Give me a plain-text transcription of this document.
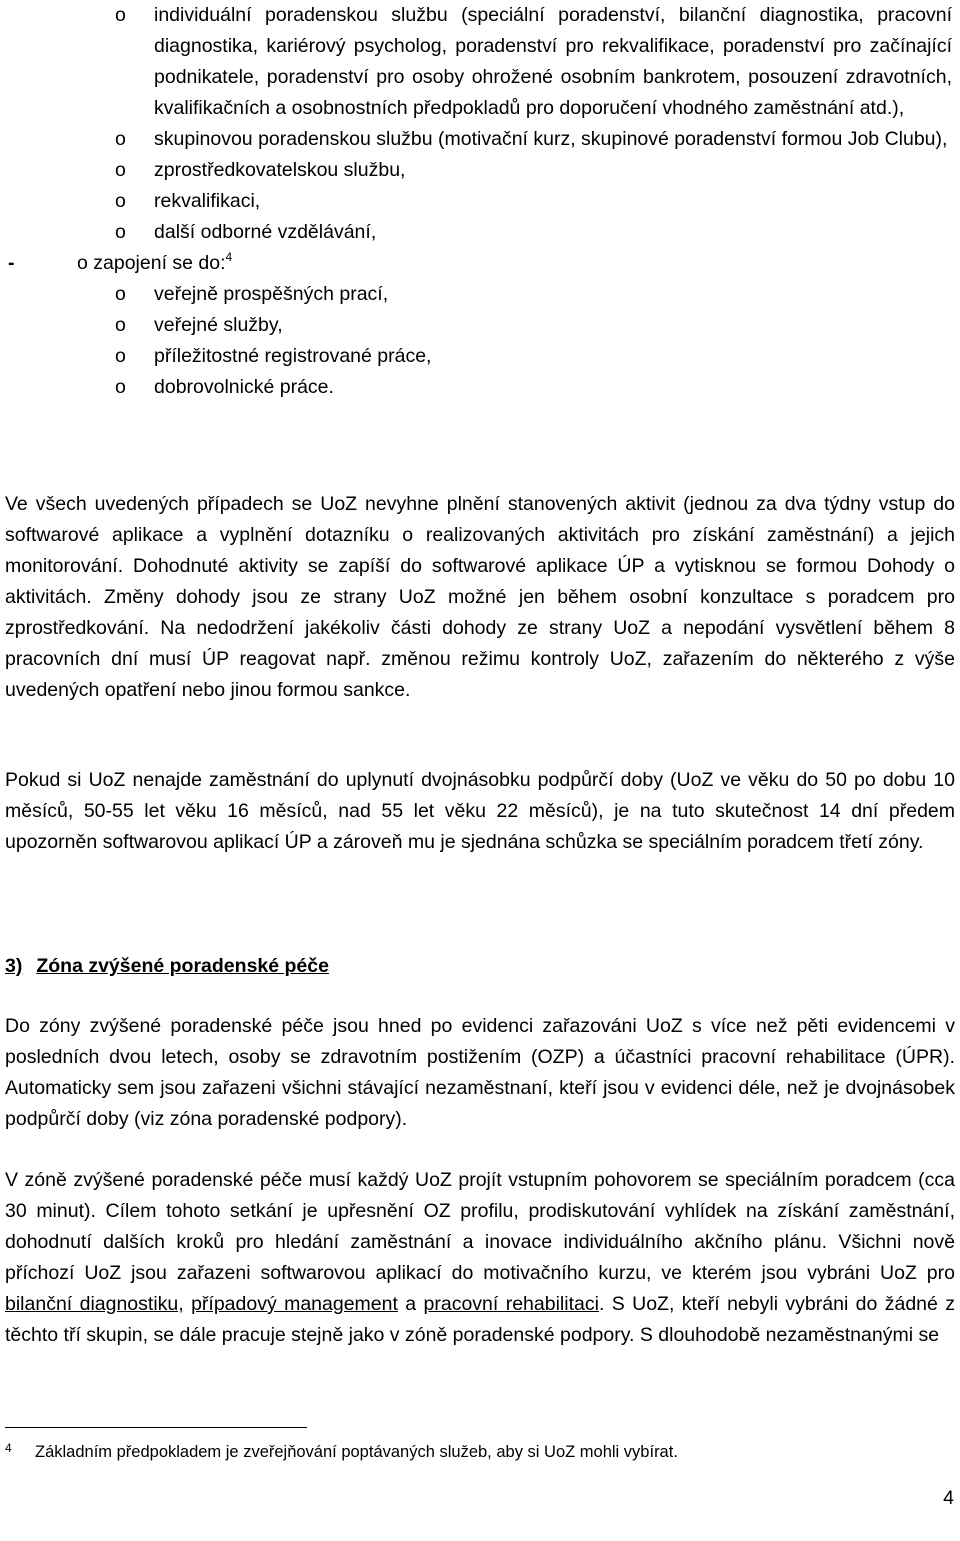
o individuální poradenskou službu (speciální poradenství, bilanční diagnostika, pracovní diagnostika, kariérový psycholog, poradenství pro rekvalifikace, poradenství pro začínající podnikatele, poradenství pro osoby ohrožené osobním bankrotem, posouzení zdravotních, kvalifikačních a osobnostních předpokladů pro doporučení vhodného zaměstnání atd.),
o skupinovou poradenskou službu (motivační kurz, skupinové poradenství formou Job Clubu),
o zprostředkovatelskou službu,
o rekvalifikaci,
o další odborné vzdělávání,
-	o zapojení se do:$^4$
o veřejně prospěšných prací,
o veřejné služby,
o příležitostné registrované práce,
o dobrovolnické práce.

Ve všech uvedených případech se UoZ nevyhne plnění stanovených aktivit (jednou za dva týdny vstup do softwarové aplikace a vyplnění dotazníku o realizovaných aktivitách pro získání zaměstnání) a jejich monitorování. Dohodnuté aktivity se zapíší do softwarové aplikace ÚP a vytisknou se formou Dohody o aktivitách. Změny dohody jsou ze strany UoZ možné jen během osobní konzultace s poradcem pro zprostředkování. Na nedodržení jakékoliv části dohody ze strany UoZ a nepodání vysvětlení během 8 pracovních dní musí ÚP reagovat např. změnou režimu kontroly UoZ, zařazením do některého z výše uvedených opatření nebo jinou formou sankce.

Pokud si UoZ nenajde zaměstnání do uplynutí dvojnásobku podpůrčí doby (UoZ ve věku do 50 po dobu 10 měsíců, 50-55 let věku 16 měsíců, nad 55 let věku 22 měsíců), je na tuto skutečnost 14 dní předem upozorněn softwarovou aplikací ÚP a zároveň mu je sjednána schůzka se speciálním poradcem třetí zóny.

3) Zóna zvýšené poradenské péče

Do zóny zvýšené poradenské péče jsou hned po evidenci zařazováni UoZ s více než pěti evidencemi v posledních dvou letech, osoby se zdravotním postižením (OZP) a účastníci pracovní rehabilitace (ÚPR). Automaticky sem jsou zařazeni všichni stávající nezaměstnaní, kteří jsou v evidenci déle, než je dvojnásobek podpůrčí doby (viz zóna poradenské podpory).

V zóně zvýšené poradenské péče musí každý UoZ projít vstupním pohovorem se speciálním poradcem (cca 30 minut). Cílem tohoto setkání je upřesnění OZ profilu, prodiskutování vyhlídek na získání zaměstnání, dohodnutí dalších kroků pro hledání zaměstnání a inovace individuálního akčního plánu. Všichni nově příchozí UoZ jsou zařazeni softwarovou aplikací do motivačního kurzu, ve kterém jsou vybráni UoZ pro bilanční diagnostiku, případový management a pracovní rehabilitaci. S UoZ, kteří nebyli vybráni do žádné z těchto tří skupin, se dále pracuje stejně jako v zóně poradenské podpory. S dlouhodobě nezaměstnanými se

4 Základním předpokladem je zveřejňování poptávaných služeb, aby si UoZ mohli vybírat.
4
